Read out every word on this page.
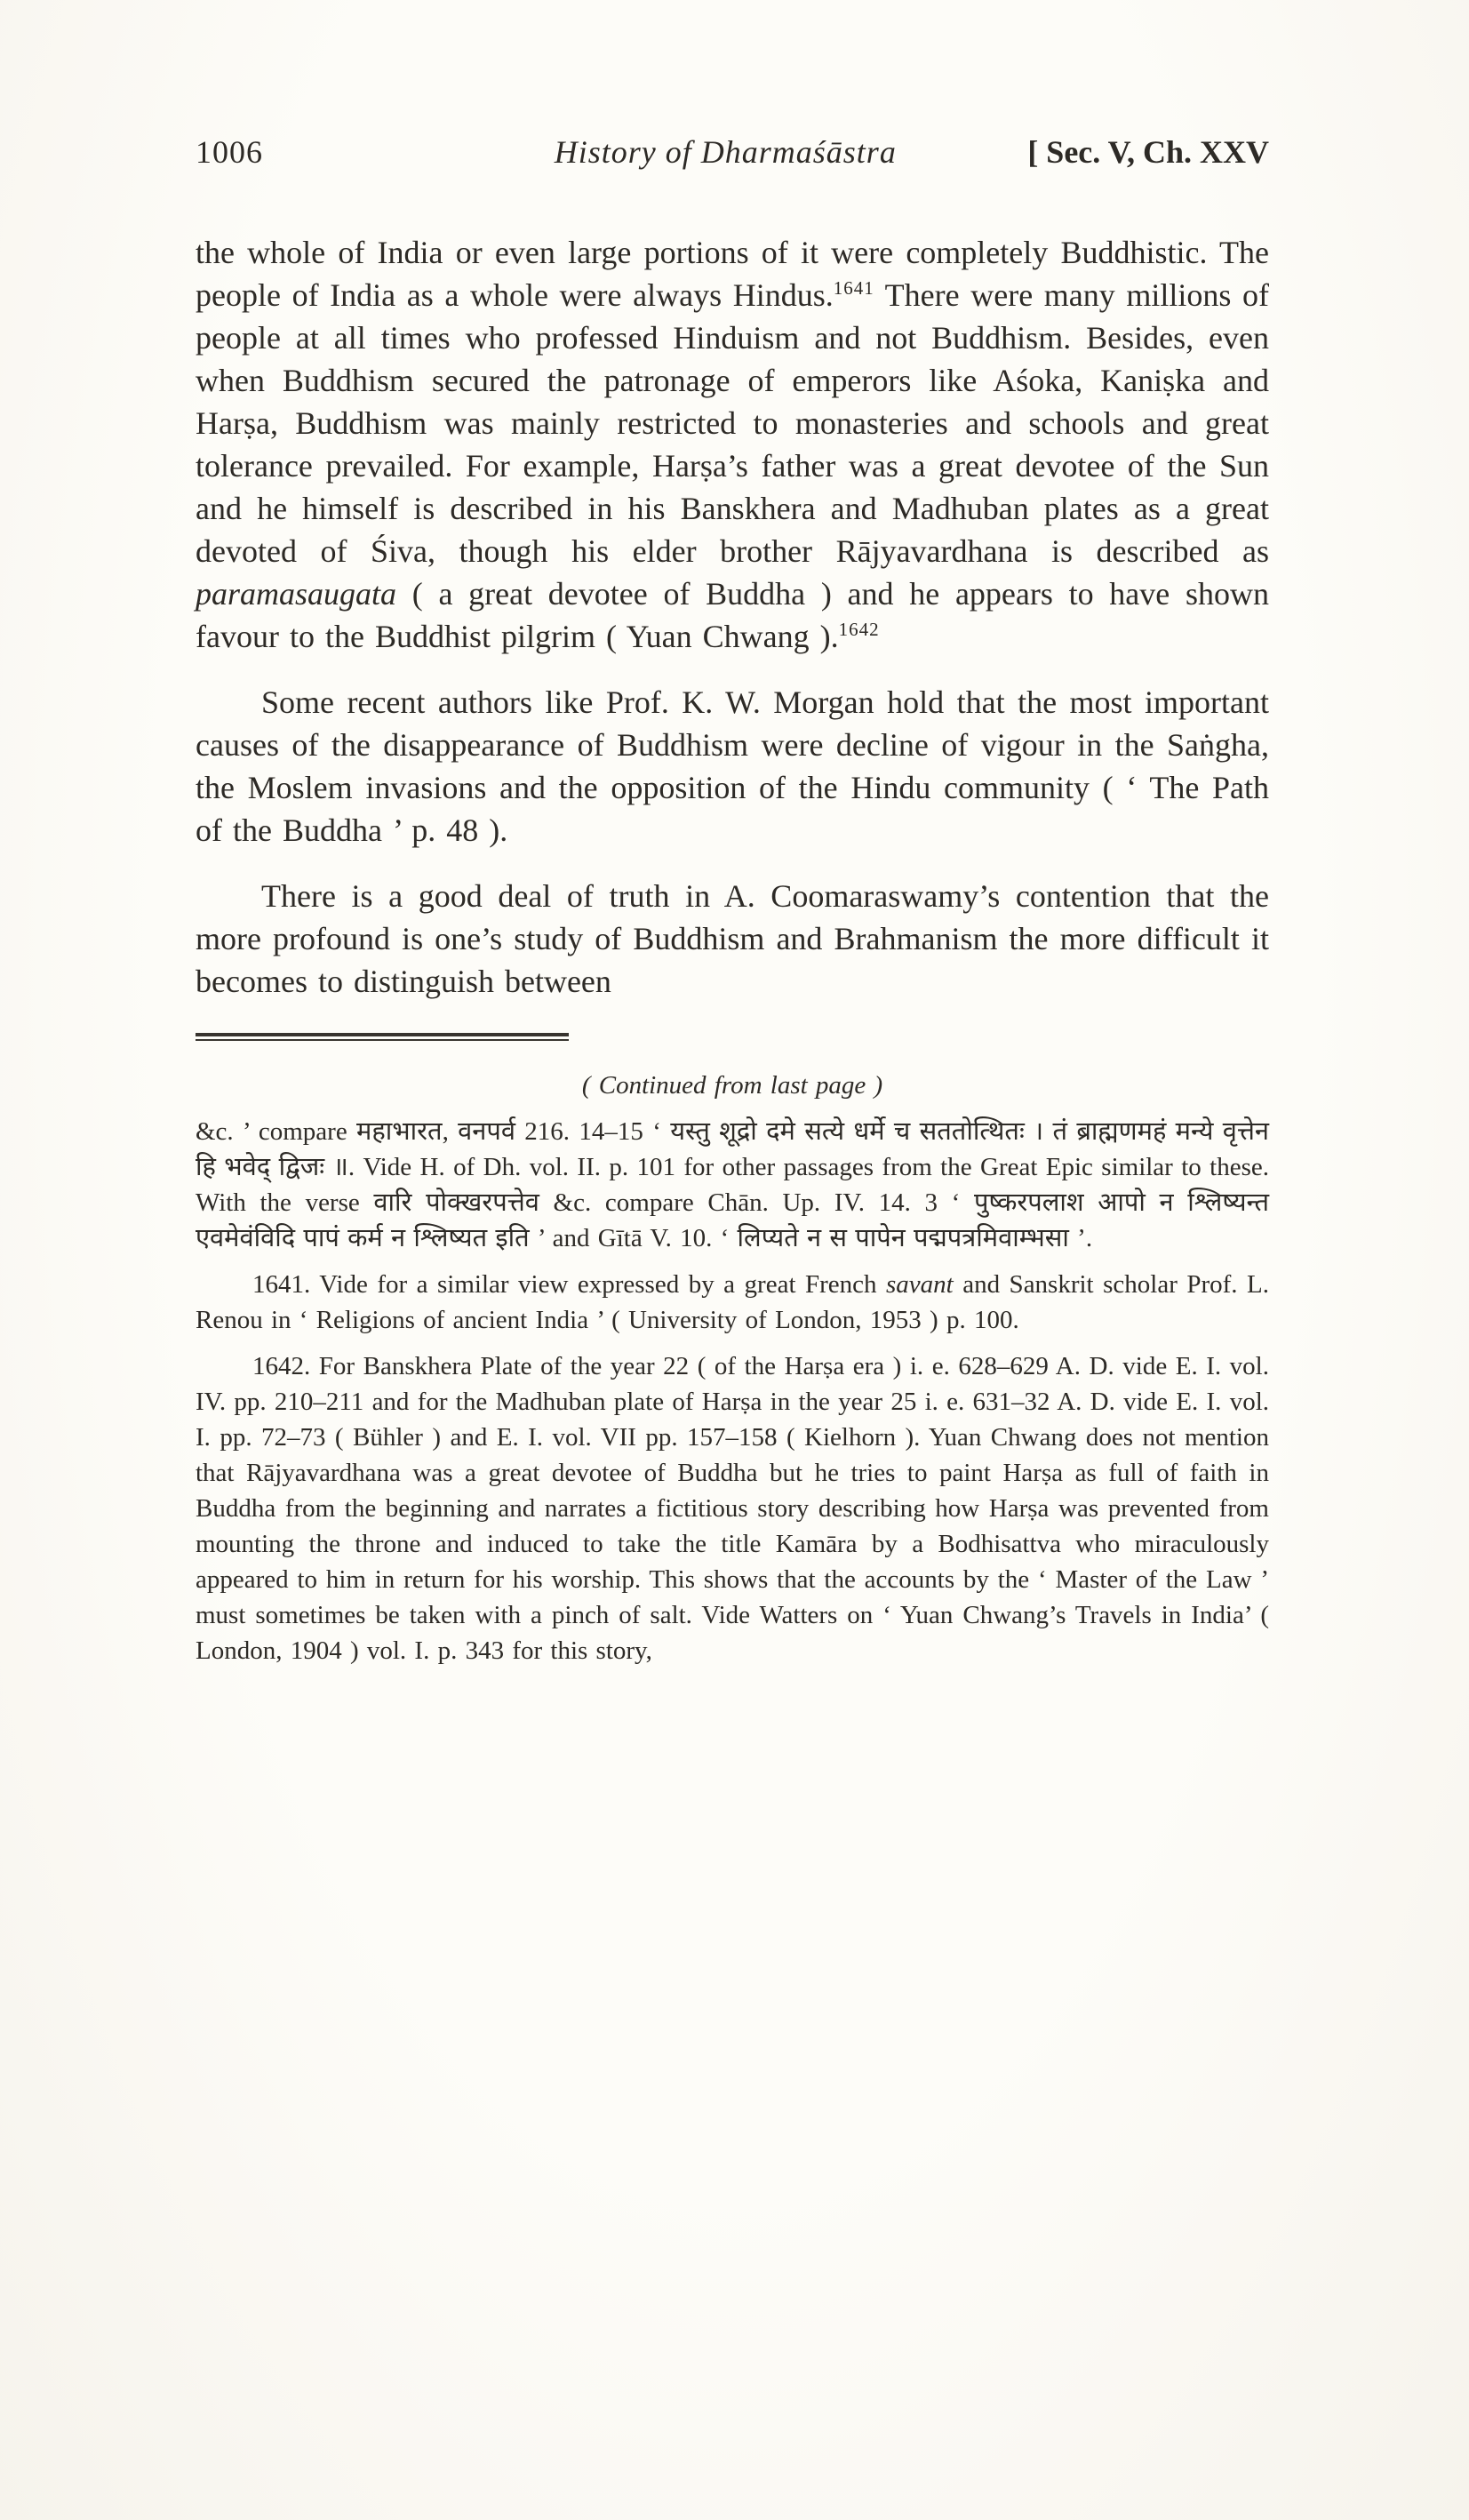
1006	History of Dharmaśāstra	[ Sec. V, Ch. XXV

the whole of India or even large portions of it were completely Buddhistic. The people of India as a whole were always Hindus.$^{1641}$ There were many millions of people at all times who professed Hinduism and not Buddhism. Besides, even when Buddhism secured the patronage of emperors like Aśoka, Kaniṣka and Harṣa, Buddhism was mainly restricted to monasteries and schools and great tolerance prevailed. For example, Harṣa’s father was a great devotee of the Sun and he himself is described in his Banskhera and Madhuban plates as a great devoted of Śiva, though his elder brother Rājyavardhana is described as paramasaugata ( a great devotee of Buddha ) and he appears to have shown favour to the Buddhist pilgrim ( Yuan Chwang ).$^{1642}$

Some recent authors like Prof. K. W. Morgan hold that the most important causes of the disappearance of Buddhism were decline of vigour in the Saṅgha, the Moslem invasions and the opposition of the Hindu community ( ‘ The Path of the Buddha ’ p. 48 ).

There is a good deal of truth in A. Coomaraswamy’s contention that the more profound is one’s study of Buddhism and Brahmanism the more difficult it becomes to distinguish between

( Continued from last page )

&c. ’ compare महाभारत, वनपर्व 216. 14–15 ‘ यस्तु शूद्रो दमे सत्ये धर्मे च सततोत्थितः । तं ब्राह्मणमहं मन्ये वृत्तेन हि भवेद् द्विजः ॥. Vide H. of Dh. vol. II. p. 101 for other passages from the Great Epic similar to these. With the verse वारि पोक्खरपत्तेव &c. compare Chān. Up. IV. 14. 3 ‘ पुष्करपलाश आपो न श्लिष्यन्त एवमेवंविदि पापं कर्म न श्लिष्यत इति ’ and Gītā V. 10. ‘ लिप्यते न स पापेन पद्मपत्रमिवाम्भसा ’.

1641. Vide for a similar view expressed by a great French savant and Sanskrit scholar Prof. L. Renou in ‘ Religions of ancient India ’ ( University of London, 1953 ) p. 100.

1642. For Banskhera Plate of the year 22 ( of the Harṣa era ) i. e. 628–629 A. D. vide E. I. vol. IV. pp. 210–211 and for the Madhuban plate of Harṣa in the year 25 i. e. 631–32 A. D. vide E. I. vol. I. pp. 72–73 ( Bühler ) and E. I. vol. VII pp. 157–158 ( Kielhorn ). Yuan Chwang does not mention that Rājyavardhana was a great devotee of Buddha but he tries to paint Harṣa as full of faith in Buddha from the beginning and narrates a fictitious story describing how Harṣa was prevented from mounting the throne and induced to take the title Kamāra by a Bodhisattva who miraculously appeared to him in return for his worship. This shows that the accounts by the ‘ Master of the Law ’ must sometimes be taken with a pinch of salt. Vide Watters on ‘ Yuan Chwang’s Travels in India’ ( London, 1904 ) vol. I. p. 343 for this story,
